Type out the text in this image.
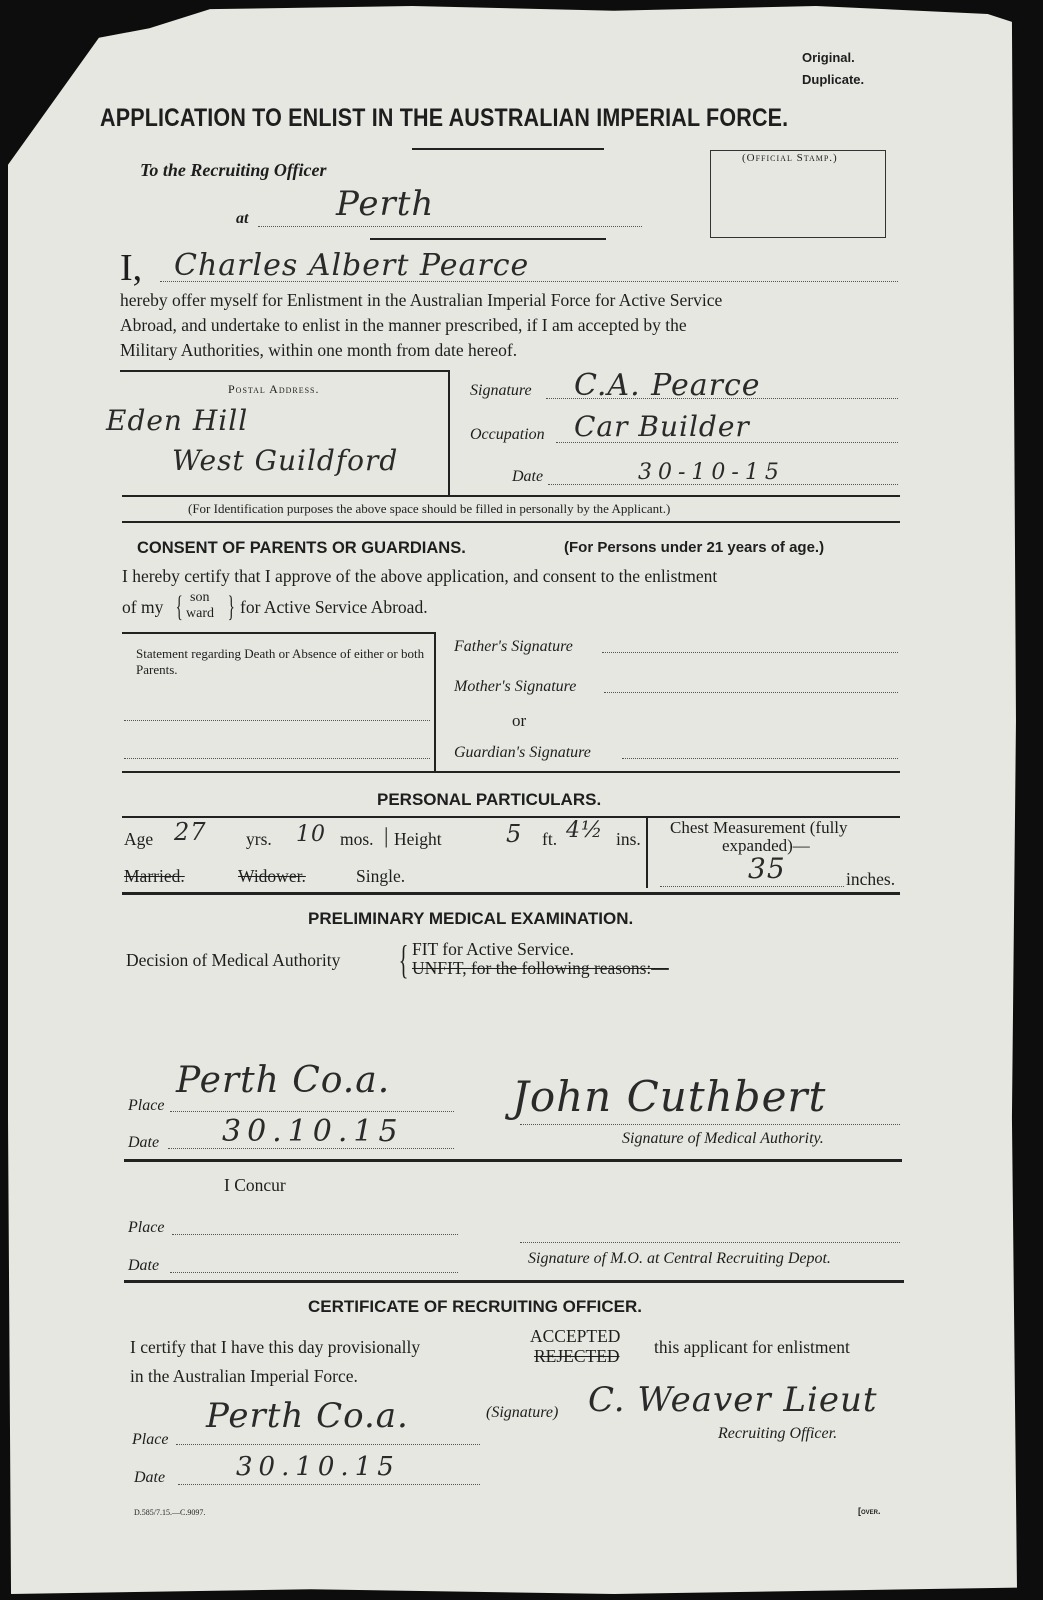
Original.
Duplicate.
APPLICATION TO ENLIST IN THE AUSTRALIAN IMPERIAL FORCE.
To the Recruiting Officer
at	Perth
(Official Stamp.)
I, Charles Albert Pearce
hereby offer myself for Enlistment in the Australian Imperial Force for Active Service
Abroad, and undertake to enlist in the manner prescribed, if I am accepted by the
Military Authorities, within one month from date hereof.
Postal Address.
Eden Hill
West Guildford
Signature C.A. Pearce
Occupation Car Builder
Date	30-10-15
(For Identification purposes the above space should be filled in personally by the Applicant.)
CONSENT OF PARENTS OR GUARDIANS.	(For Persons under 21 years of age.)
I hereby certify that I approve of the above application, and consent to the enlistment
of my { son
ward } for Active Service Abroad.
Statement regarding Death or Absence of either or both Parents.
Father's Signature
Mother's Signature
or
Guardian's Signature
PERSONAL PARTICULARS.
Age 27 yrs. 10 mos. | Height	5 ft. 4½ ins.
Chest Measurement (fully
expanded)—
35	inches.
Married.	Widower.	Single.
PRELIMINARY MEDICAL EXAMINATION.
Decision of Medical Authority { FIT for Active Service.
UNFIT, for the following reasons:—
Place
Perth Co.a.
Date 30.10.15
John Cuthbert
Signature of Medical Authority.
I Concur
Place
Date	Signature of M.O. at Central Recruiting Depot.
CERTIFICATE OF RECRUITING OFFICER.
I certify that I have this day provisionally
ACCEPTED
REJECTED this applicant for enlistment
in the Australian Imperial Force.
Place
Perth Co.a.	(Signature) C. Weaver Lieut
Recruiting Officer.
Date	30.10.15
D.585/7.15.—C.9097.	[over.
